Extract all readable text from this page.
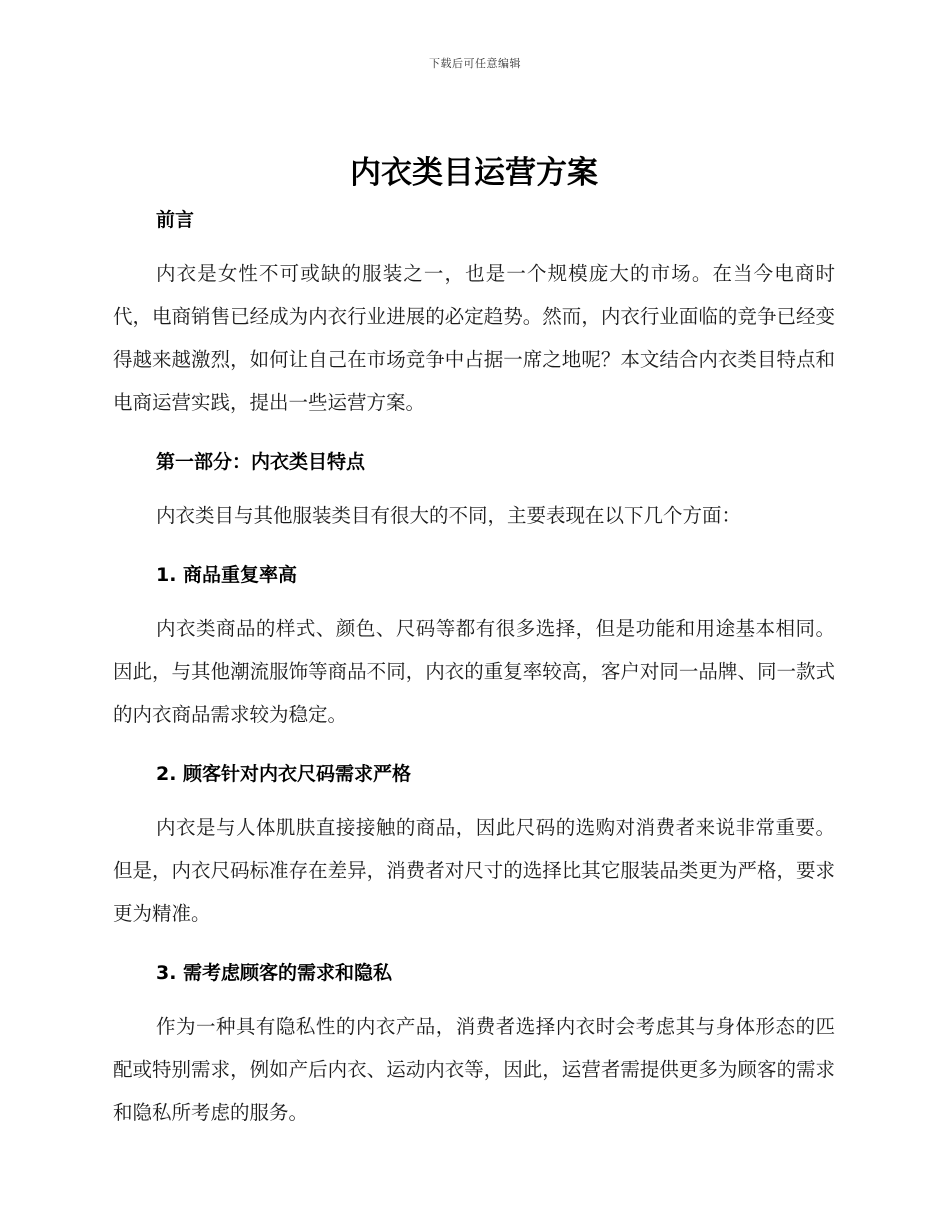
下载后可任意编辑
内衣类目运营方案
前言

内衣是女性不可或缺的服装之一，也是一个规模庞大的市场。在当今电商时代，电商销售已经成为内衣行业进展的必定趋势。然而，内衣行业面临的竞争已经变得越来越激烈，如何让自己在市场竞争中占据一席之地呢？本文结合内衣类目特点和电商运营实践，提出一些运营方案。

第一部分：内衣类目特点

内衣类目与其他服装类目有很大的不同，主要表现在以下几个方面：

1. 商品重复率高

内衣类商品的样式、颜色、尺码等都有很多选择，但是功能和用途基本相同。因此，与其他潮流服饰等商品不同，内衣的重复率较高，客户对同一品牌、同一款式的内衣商品需求较为稳定。

2. 顾客针对内衣尺码需求严格

内衣是与人体肌肤直接接触的商品，因此尺码的选购对消费者来说非常重要。但是，内衣尺码标准存在差异，消费者对尺寸的选择比其它服装品类更为严格，要求更为精准。

3. 需考虑顾客的需求和隐私

作为一种具有隐私性的内衣产品，消费者选择内衣时会考虑其与身体形态的匹配或特别需求，例如产后内衣、运动内衣等，因此，运营者需提供更多为顾客的需求和隐私所考虑的服务。
